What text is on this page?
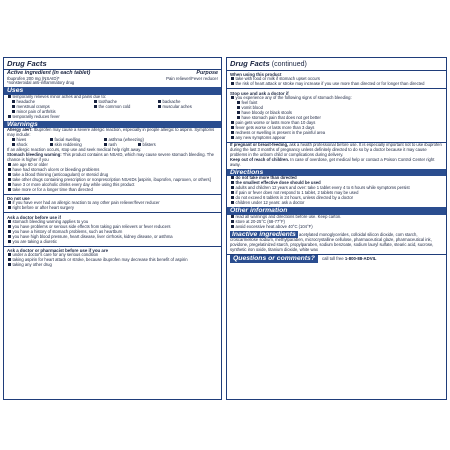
Drug Facts
Active ingredient (in each tablet)	Purpose
Ibuprofen 200 mg (NSAID)*	Pain reliever/Fever reducer
*nonsteroidal anti-inflammatory drug
Uses
temporarily relieves minor aches and pains due to:
headache	toothache	backache
menstrual cramps	the common cold	muscular aches
minor pain of arthritis
temporarily reduces fever
Warnings
Allergy alert: Ibuprofen may cause a severe allergic reaction, especially in people allergic to aspirin. Symptoms may include:
hives	facial swelling	asthma (wheezing)
shock	skin reddening	rash	blisters
If an allergic reaction occurs, stop use and seek medical help right away.
Stomach bleeding warning: This product contains an NSAID, which may cause severe stomach bleeding. The chance is higher if you
are age 60 or older
have had stomach ulcers or bleeding problems
take a blood thinning (anticoagulant) or steroid drug
take other drugs containing prescription or nonprescription NSAIDs [aspirin, ibuprofen, naproxen, or others]
have 3 or more alcoholic drinks every day while using this product
take more or for a longer time than directed
Do not use
if you have ever had an allergic reaction to any other pain reliever/fever reducer
right before or after heart surgery
Ask a doctor before use if
stomach bleeding warning applies to you
you have problems or serious side effects from taking pain relievers or fever reducers
you have a history of stomach problems, such as heartburn
you have high blood pressure, heart disease, liver cirrhosis, kidney disease, or asthma
you are taking a diuretic
Ask a doctor or pharmacist before use if you are
under a doctor's care for any serious condition
taking aspirin for heart attack or stroke, because ibuprofen may decrease this benefit of aspirin
taking any other drug
Drug Facts (continued)
When using this product
take with food or milk if stomach upset occurs
the risk of heart attack or stroke may increase if you use more than directed or for longer than directed
Stop use and ask a doctor if
you experience any of the following signs of stomach bleeding:
feel faint
vomit blood
have bloody or black stools
have stomach pain that does not get better
pain gets worse or lasts more than 10 days
fever gets worse or lasts more than 3 days
redness or swelling is present in the painful area
any new symptoms appear
If pregnant or breast-feeding, ask a health professional before use. It is especially important not to use ibuprofen during the last 3 months of pregnancy unless definitely directed to do so by a doctor because it may cause problems in the unborn child or complications during delivery.
Keep out of reach of children. In case of overdose, get medical help or contact a Poison Control Center right away.
Directions
do not take more than directed
the smallest effective dose should be used
adults and children 12 years and over: take 1 tablet every 4 to 6 hours while symptoms persist
if pain or fever does not respond to 1 tablet, 2 tablets may be used
do not exceed 6 tablets in 24 hours, unless directed by a doctor
children under 12 years: ask a doctor
Other information
read all warnings and directions before use. Keep carton.
store at 20-25°C (68-77°F)
avoid excessive heat above 40°C (104°F)
Inactive ingredients acetylated monoglycerides, colloidal silicon dioxide, corn starch, croscarmellose sodium, methylparaben, microcrystalline cellulose, pharmaceutical glaze, pharmaceutical ink, povidone, pregelatinized starch, propylparaben, sodium benzoate, sodium lauryl sulfate, stearic acid, sucrose, synthetic iron oxide, titanium dioxide, white wax
Questions or comments?	call toll free 1-800-88-ADVIL
